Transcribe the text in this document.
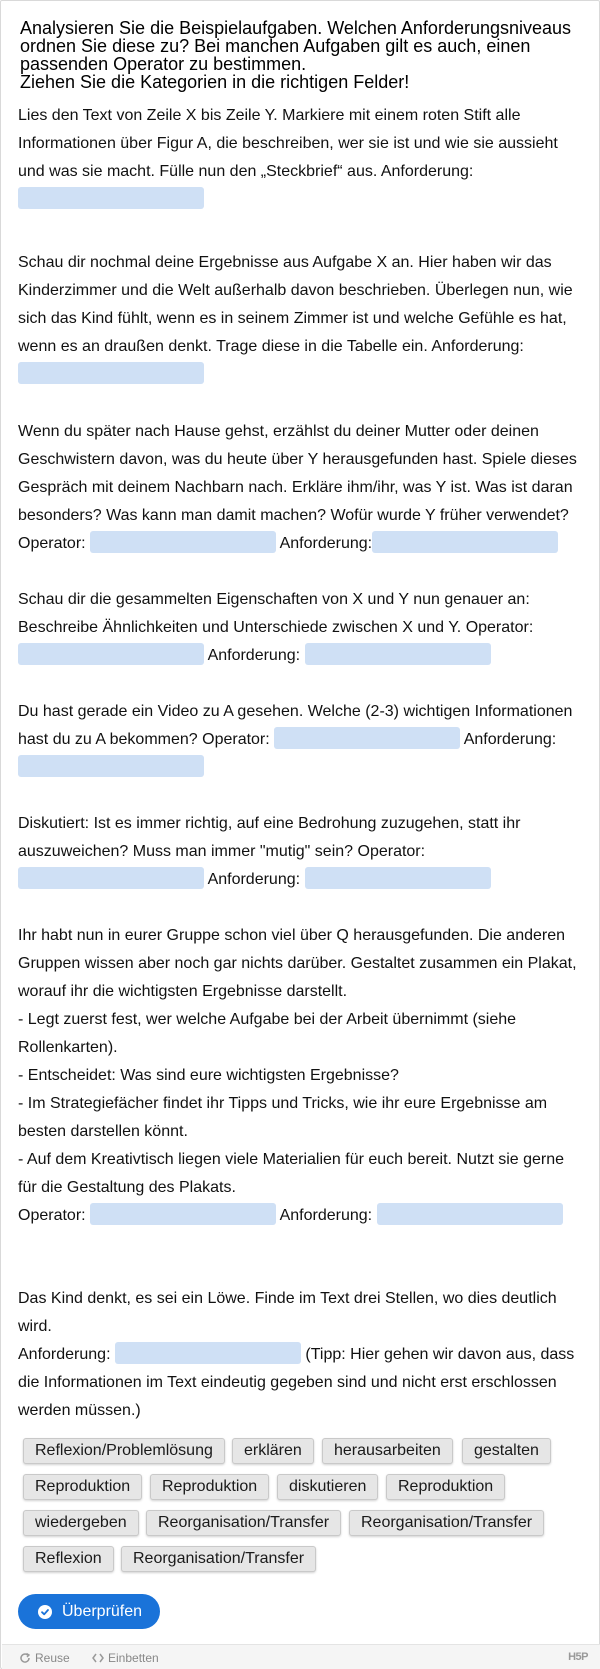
Analysieren Sie die Beispielaufgaben. Welchen Anforderungsniveaus
ordnen Sie diese zu? Bei manchen Aufgaben gilt es auch, einen
passenden Operator zu bestimmen.
Ziehen Sie die Kategorien in die richtigen Felder!
Lies den Text von Zeile X bis Zeile Y. Markiere mit einem roten Stift alle
Informationen über Figur A, die beschreiben, wer sie ist und wie sie aussieht
und was sie macht. Fülle nun den „Steckbrief“ aus. Anforderung:
Schau dir nochmal deine Ergebnisse aus Aufgabe X an. Hier haben wir das
Kinderzimmer und die Welt außerhalb davon beschrieben. Überlegen nun, wie
sich das Kind fühlt, wenn es in seinem Zimmer ist und welche Gefühle es hat,
wenn es an draußen denkt. Trage diese in die Tabelle ein. Anforderung:
Wenn du später nach Hause gehst, erzählst du deiner Mutter oder deinen
Geschwistern davon, was du heute über Y herausgefunden hast. Spiele dieses
Gespräch mit deinem Nachbarn nach. Erkläre ihm/ihr, was Y ist. Was ist daran
besonders? Was kann man damit machen? Wofür wurde Y früher verwendet?
Operator:	Anforderung:
Schau dir die gesammelten Eigenschaften von X und Y nun genauer an:
Beschreibe Ähnlichkeiten und Unterschiede zwischen X und Y. Operator:
Anforderung:
Du hast gerade ein Video zu A gesehen. Welche (2-3) wichtigen Informationen
hast du zu A bekommen? Operator:	Anforderung:
Diskutiert: Ist es immer richtig, auf eine Bedrohung zuzugehen, statt ihr
auszuweichen? Muss man immer "mutig" sein? Operator:
Anforderung:
Ihr habt nun in eurer Gruppe schon viel über Q herausgefunden. Die anderen
Gruppen wissen aber noch gar nichts darüber. Gestaltet zusammen ein Plakat,
worauf ihr die wichtigsten Ergebnisse darstellt.
- Legt zuerst fest, wer welche Aufgabe bei der Arbeit übernimmt (siehe
Rollenkarten).
- Entscheidet: Was sind eure wichtigsten Ergebnisse?
- Im Strategiefächer findet ihr Tipps und Tricks, wie ihr eure Ergebnisse am
besten darstellen könnt.
- Auf dem Kreativtisch liegen viele Materialien für euch bereit. Nutzt sie gerne
für die Gestaltung des Plakats.
Operator:	Anforderung:
Das Kind denkt, es sei ein Löwe. Finde im Text drei Stellen, wo dies deutlich
wird.
Anforderung:	(Tipp: Hier gehen wir davon aus, dass
die Informationen im Text eindeutig gegeben sind und nicht erst erschlossen
werden müssen.)
Reflexion/Problemlösung	erklären	herausarbeiten	gestalten
Reproduktion	Reproduktion	diskutieren	Reproduktion
wiedergeben	Reorganisation/Transfer	Reorganisation/Transfer
Reflexion	Reorganisation/Transfer
Überprüfen
Reuse	Einbetten	H5P
